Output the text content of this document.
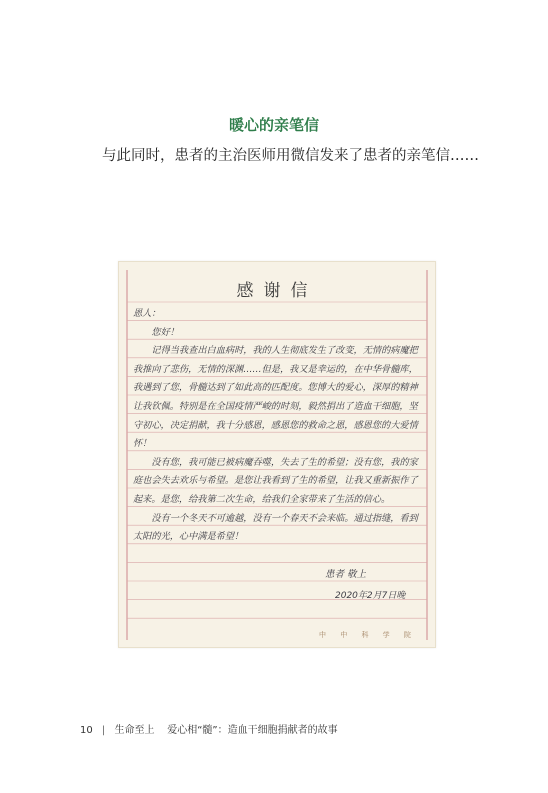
暖心的亲笔信
与此同时，患者的主治医师用微信发来了患者的亲笔信……
感谢信

恩人：

您好！

记得当我查出白血病时，我的人生彻底发生了改变，无情的病魔把我推向了悲伤，无情的深渊……但是，我又是幸运的，在中华骨髓库，我遇到了您，骨髓达到了如此高的匹配度。您博大的爱心，深厚的精神让我钦佩。特别是在全国疫情严峻的时刻，毅然捐出了造血干细胞，坚守初心，决定捐献，我十分感恩，感恩您的救命之恩，感恩您的大爱情怀！

没有您，我可能已被病魔吞噬，失去了生的希望；没有您，我的家庭也会失去欢乐与希望。是您让我看到了生的希望，让我又重新振作了起来。是您，给我第二次生命，给我们全家带来了生活的信心。

没有一个冬天不可逾越，没有一个春天不会来临。通过指缝，看到太阳的光，心中满是希望！

患者 敬上
2020年2月7日晚
中 中 科 学 院
10 | 生命至上 爱心相“髓”：造血干细胞捐献者的故事
